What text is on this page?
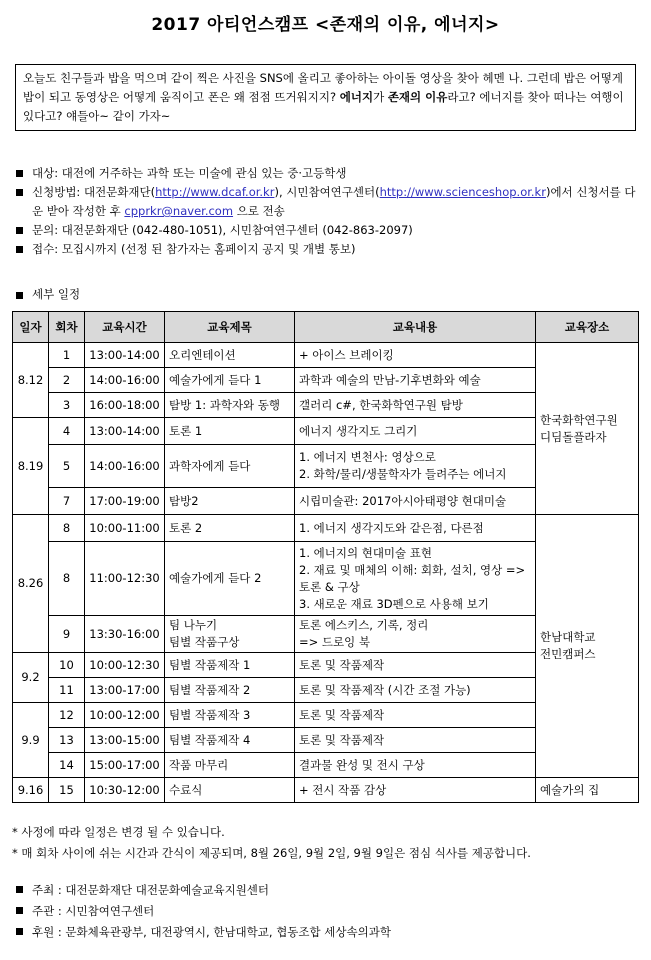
2017 아티언스캠프 <존재의 이유, 에너지>
오늘도 친구들과 밥을 먹으며 같이 찍은 사진을 SNS에 올리고 좋아하는 아이돌 영상을 찾아 헤멘 나. 그런데 밥은 어떻게 밥이 되고 동영상은 어떻게 움직이고 폰은 왜 점점 뜨거워지지? 에너지가 존재의 이유라고? 에너지를 찾아 떠나는 여행이 있다고? 얘들아~ 같이 가자~
대상: 대전에 거주하는 과학 또는 미술에 관심 있는 중·고등학생
신청방법: 대전문화재단(http://www.dcaf.or.kr), 시민참여연구센터(http://www.scienceshop.or.kr)에서 신청서를 다운 받아 작성한 후 cpprkr@naver.com 으로 전송
문의: 대전문화재단 (042-480-1051), 시민참여연구센터 (042-863-2097)
접수: 모집시까지 (선정 된 참가자는 홈페이지 공지 및 개별 통보)
세부 일정
일자	회차	교육시간	교육제목	교육내용	교육장소
8.12	1	13:00-14:00	오리엔테이션	+ 아이스 브레이킹	한국화학연구원
디딤돌플라자
	2	14:00-16:00	예술가에게 듣다 1	과학과 예술의 만남-기후변화와 예술	
	3	16:00-18:00	탐방 1: 과학자와 동행	갤러리 c#, 한국화학연구원 탐방	
8.19	4	13:00-14:00	토론 1	에너지 생각지도 그리기	
	5	14:00-16:00	과학자에게 듣다	1. 에너지 변천사: 영상으로
2. 화학/물리/생물학자가 들려주는 에너지	
	7	17:00-19:00	탐방2	시립미술관: 2017아시아태평양 현대미술	
8.26	8	10:00-11:00	토론 2	1. 에너지 생각지도와 같은점, 다른점	한남대학교
전민캠퍼스
	8	11:00-12:30	예술가에게 듣다 2	1. 에너지의 현대미술 표현
2. 재료 및 매체의 이해: 회화, 설치, 영상 => 토론 & 구상
3. 새로운 재료 3D펜으로 사용해 보기	
	9	13:30-16:00	팀 나누기
팀별 작품구상	토론 에스키스, 기록, 정리
=> 드로잉 북	
9.2	10	10:00-12:30	팀별 작품제작 1	토론 및 작품제작	
	11	13:00-17:00	팀별 작품제작 2	토론 및 작품제작 (시간 조절 가능)	
9.9	12	10:00-12:00	팀별 작품제작 3	토론 및 작품제작	
	13	13:00-15:00	팀별 작품제작 4	토론 및 작품제작	
	14	15:00-17:00	작품 마무리	결과물 완성 및 전시 구상	
9.16	15	10:30-12:00	수료식	+ 전시 작품 감상	예술가의 집
* 사정에 따라 일정은 변경 될 수 있습니다.
* 매 회차 사이에 쉬는 시간과 간식이 제공되며, 8월 26일, 9월 2일, 9월 9일은 점심 식사를 제공합니다.
주최 : 대전문화재단 대전문화예술교육지원센터
주관 : 시민참여연구센터
후원 : 문화체육관광부, 대전광역시, 한남대학교, 협동조합 세상속의과학
